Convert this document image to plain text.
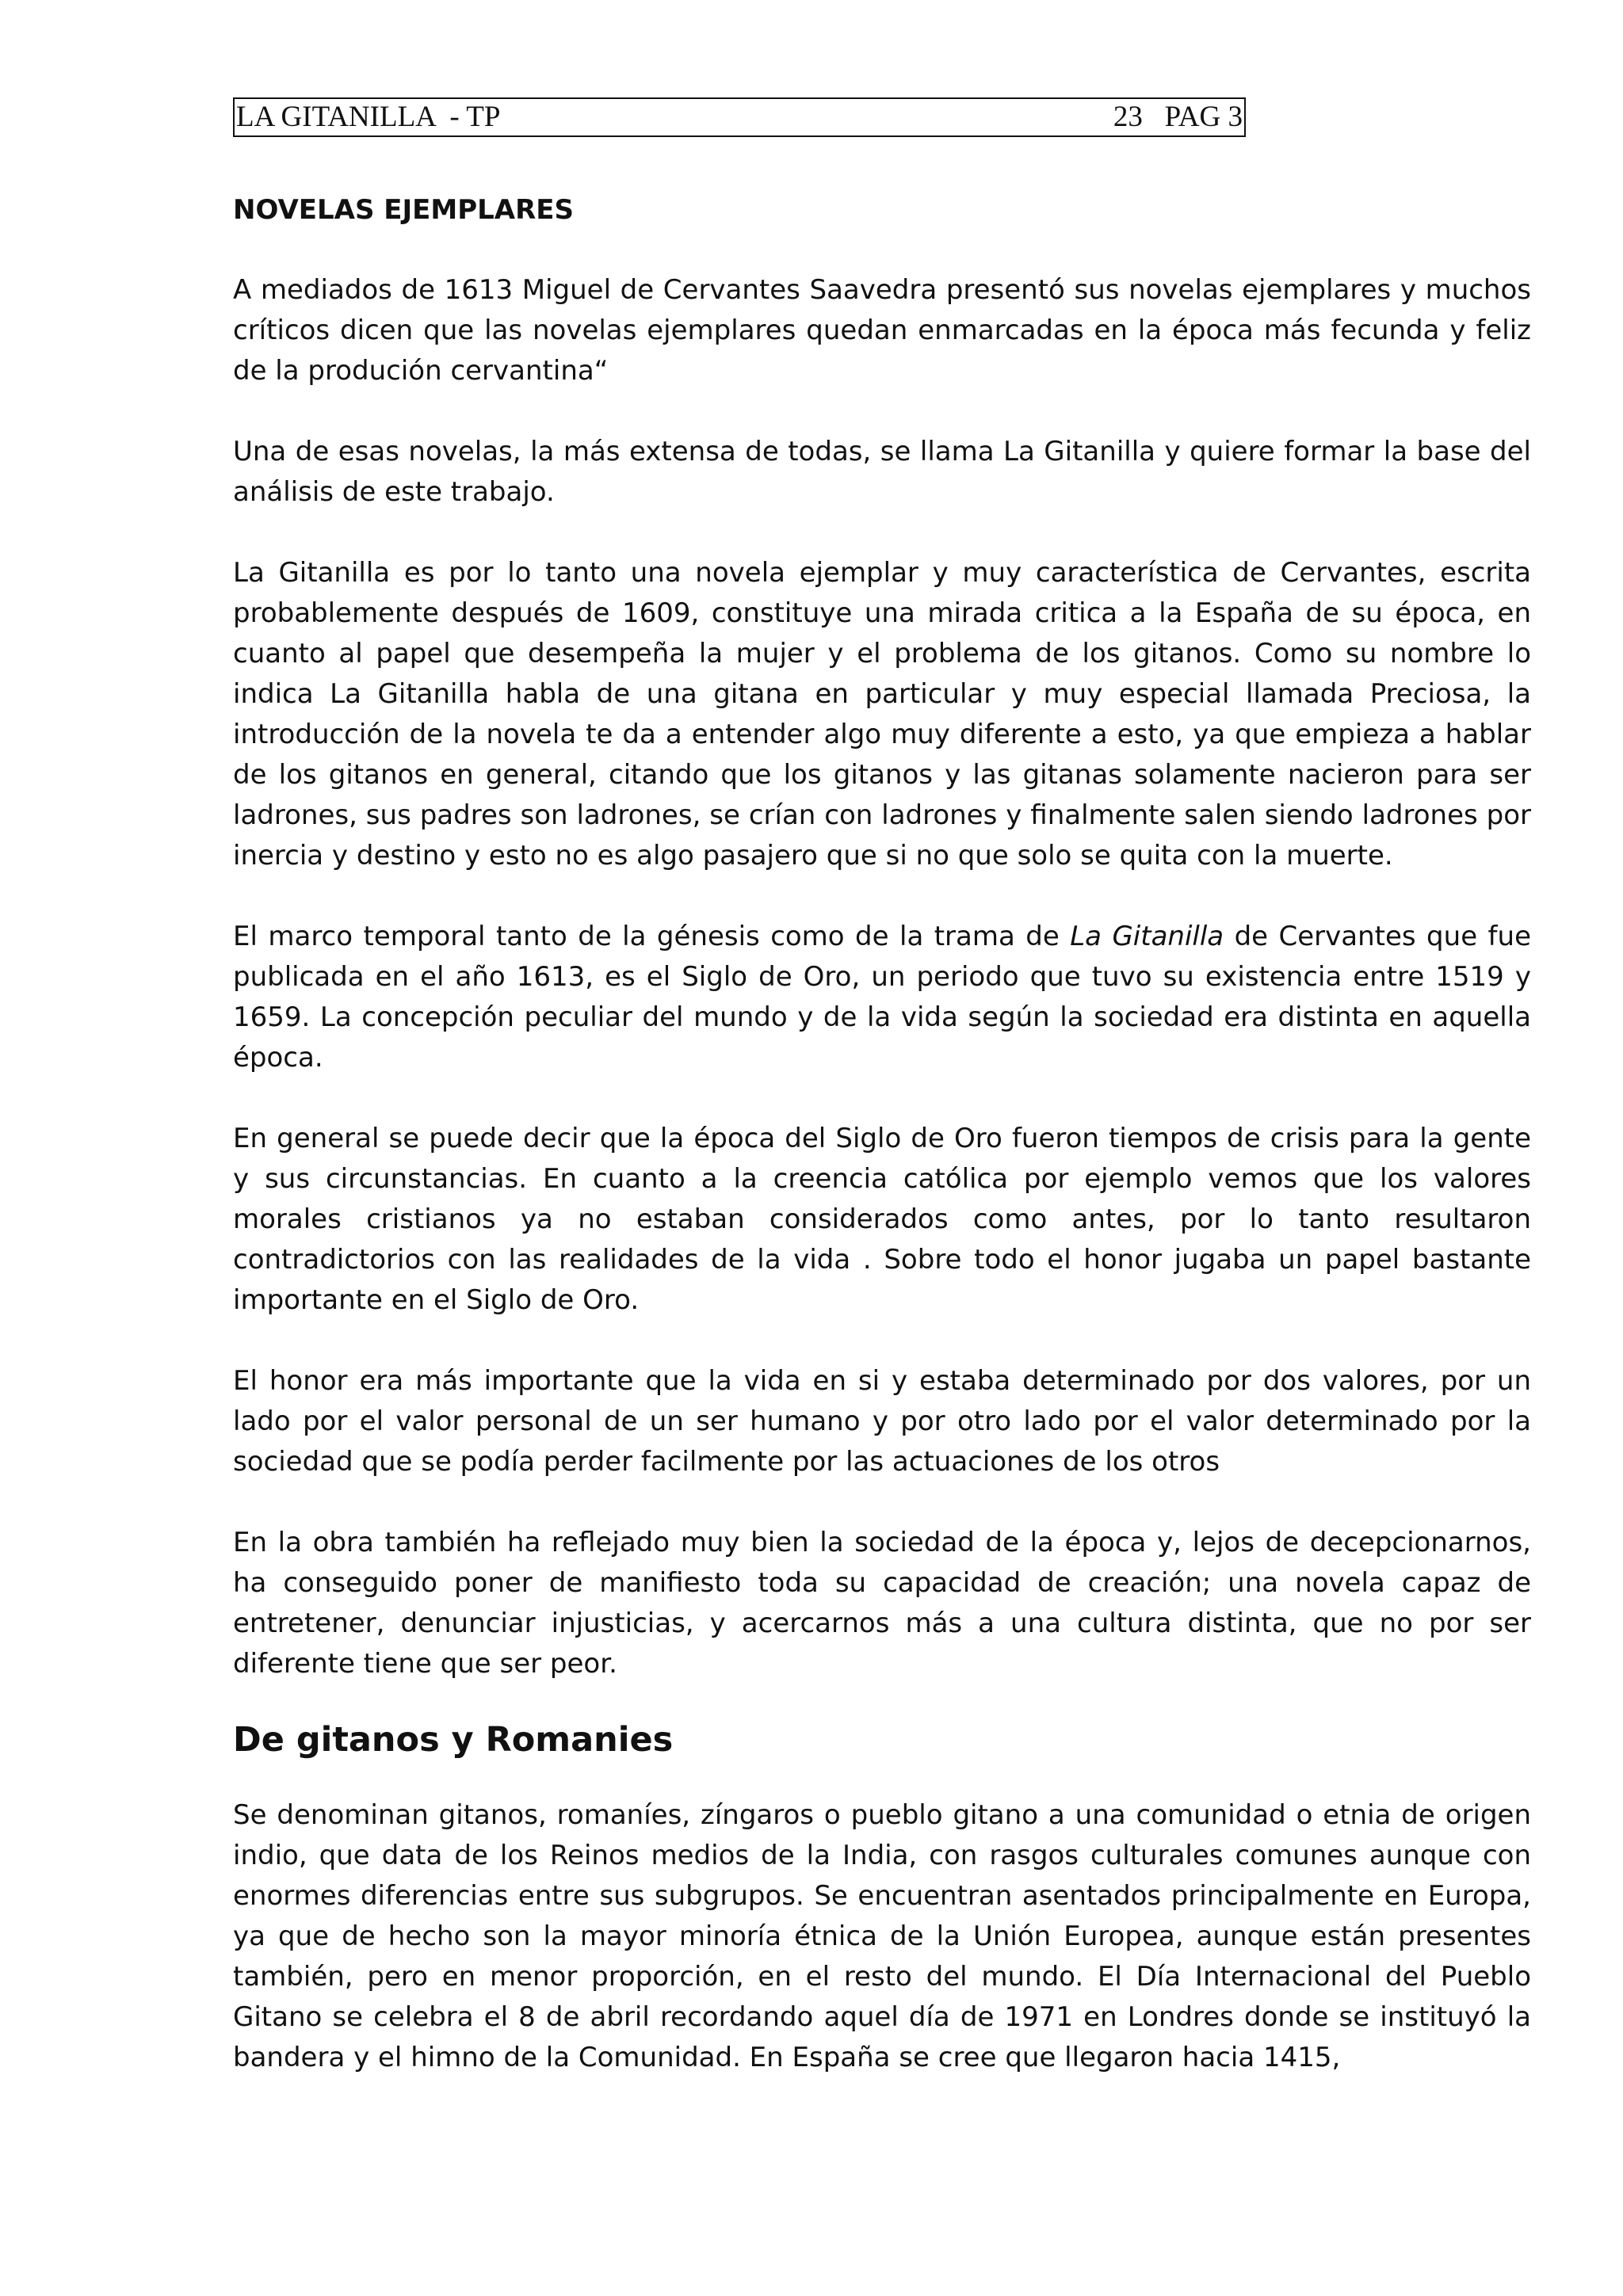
LA GITANILLA  - TP	23   PAG 3
NOVELAS EJEMPLARES

A mediados de 1613 Miguel de Cervantes Saavedra presentó sus novelas ejemplares y muchos críticos dicen que las novelas ejemplares quedan enmarcadas en la época más fecunda y feliz de la produción cervantina“

Una de esas novelas, la más extensa de todas, se llama La Gitanilla y quiere formar la base del análisis de este trabajo.

La Gitanilla es por lo tanto una novela ejemplar y muy característica de Cervantes, escrita probablemente después de 1609, constituye una mirada critica a la España de su época, en cuanto al papel que desempeña la mujer y el problema de los gitanos. Como su nombre lo indica La Gitanilla habla de una gitana en particular y muy especial llamada Preciosa, la introducción de la novela te da a entender algo muy diferente a esto, ya que empieza a hablar de los gitanos en general, citando que los gitanos y las gitanas solamente nacieron para ser ladrones, sus padres son ladrones, se crían con ladrones y finalmente salen siendo ladrones por inercia y destino y esto no es algo pasajero que si no que solo se quita con la muerte.

El marco temporal tanto de la génesis como de la trama de La Gitanilla de Cervantes que fue publicada en el año 1613, es el Siglo de Oro, un periodo que tuvo su existencia entre 1519 y 1659. La concepción peculiar del mundo y de la vida según la sociedad era distinta en aquella época.

En general se puede decir que la época del Siglo de Oro fueron tiempos de crisis para la gente y sus circunstancias. En cuanto a la creencia católica por ejemplo vemos que los valores morales cristianos ya no estaban considerados como antes, por lo tanto resultaron contradictorios con las realidades de la vida . Sobre todo el honor jugaba un papel bastante importante en el Siglo de Oro.

El honor era más importante que la vida en si y estaba determinado por dos valores, por un lado por el valor personal de un ser humano y por otro lado por el valor determinado por la sociedad que se podía perder facilmente por las actuaciones de los otros

En la obra también ha reflejado muy bien la sociedad de la época y, lejos de decepcionarnos, ha conseguido poner de manifiesto toda su capacidad de creación; una novela capaz de entretener, denunciar injusticias, y acercarnos más a una cultura distinta, que no por ser diferente tiene que ser peor.

De gitanos y Romanies

Se denominan gitanos, romaníes, zíngaros o pueblo gitano a una comunidad o etnia de origen indio, que data de los Reinos medios de la India, con rasgos culturales comunes aunque con enormes diferencias entre sus subgrupos. Se encuentran asentados principalmente en Europa, ya que de hecho son la mayor minoría étnica de la Unión Europea, aunque están presentes también, pero en menor proporción, en el resto del mundo. El Día Internacional del Pueblo Gitano se celebra el 8 de abril recordando aquel día de 1971 en Londres donde se instituyó la bandera y el himno de la Comunidad. En España se cree que llegaron hacia 1415,
